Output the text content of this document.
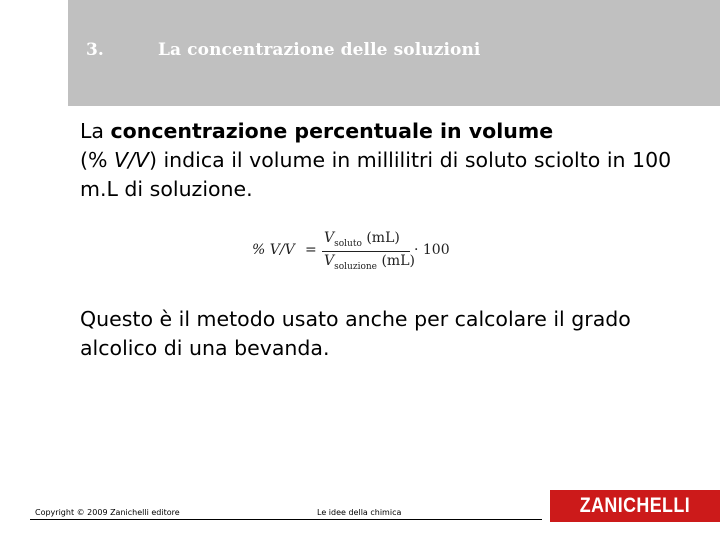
3.	La concentrazione delle soluzioni
La concentrazione percentuale in volume
(% V/V) indica il volume in millilitri di soluto sciolto in 100 m.L di soluzione.
% V/V =
$V_{soluto}$ (mL)
$V_{soluzione}$ (mL)
· 100
Questo è il metodo usato anche per calcolare il grado alcolico di una bevanda.
Copyright © 2009 Zanichelli editore	Le idee della chimica	ZANICHELLI
